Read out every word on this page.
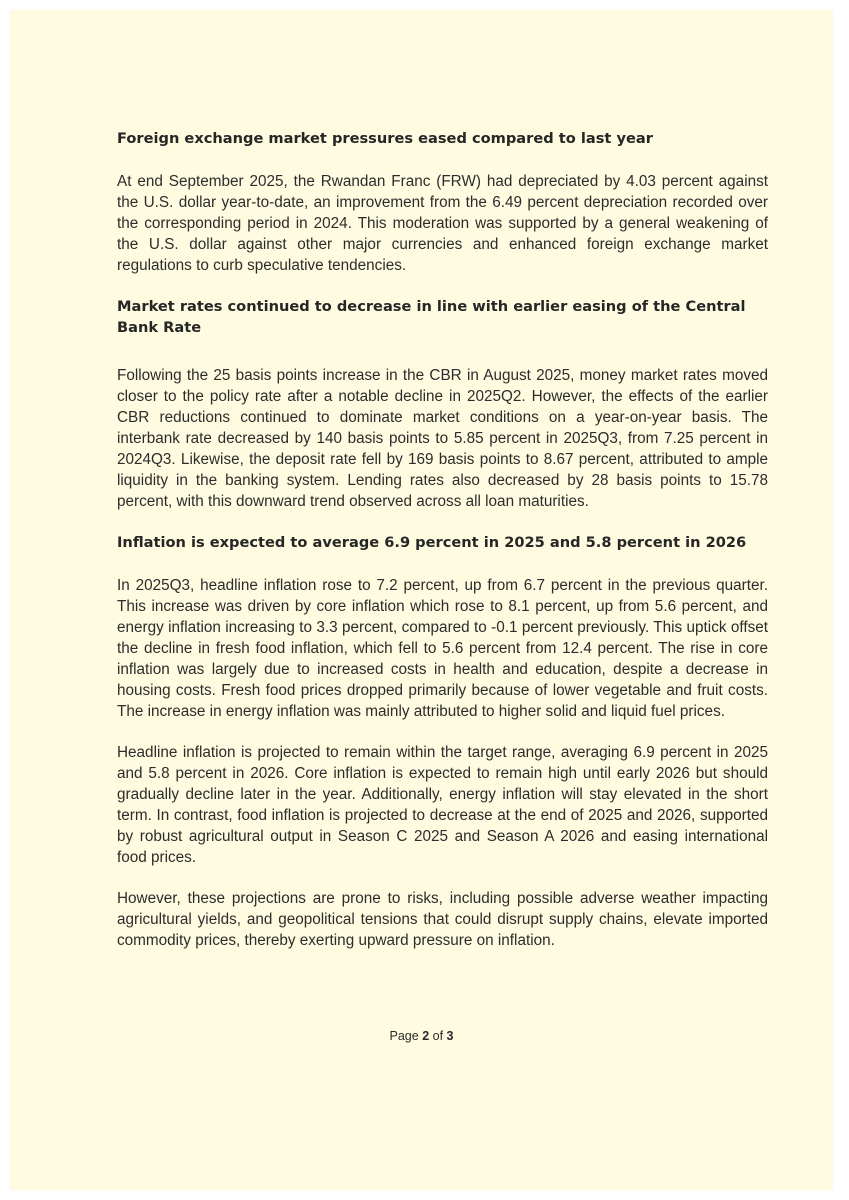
Foreign exchange market pressures eased compared to last year

At end September 2025, the Rwandan Franc (FRW) had depreciated by 4.03 percent against the U.S. dollar year-to-date, an improvement from the 6.49 percent depreciation recorded over the corresponding period in 2024. This moderation was supported by a general weakening of the U.S. dollar against other major currencies and enhanced foreign exchange market regulations to curb speculative tendencies.

Market rates continued to decrease in line with earlier easing of the Central Bank Rate

Following the 25 basis points increase in the CBR in August 2025, money market rates moved closer to the policy rate after a notable decline in 2025Q2. However, the effects of the earlier CBR reductions continued to dominate market conditions on a year-on-year basis. The interbank rate decreased by 140 basis points to 5.85 percent in 2025Q3, from 7.25 percent in 2024Q3. Likewise, the deposit rate fell by 169 basis points to 8.67 percent, attributed to ample liquidity in the banking system. Lending rates also decreased by 28 basis points to 15.78 percent, with this downward trend observed across all loan maturities.

Inflation is expected to average 6.9 percent in 2025 and 5.8 percent in 2026

In 2025Q3, headline inflation rose to 7.2 percent, up from 6.7 percent in the previous quarter. This increase was driven by core inflation which rose to 8.1 percent, up from 5.6 percent, and energy inflation increasing to 3.3 percent, compared to -0.1 percent previously. This uptick offset the decline in fresh food inflation, which fell to 5.6 percent from 12.4 percent. The rise in core inflation was largely due to increased costs in health and education, despite a decrease in housing costs. Fresh food prices dropped primarily because of lower vegetable and fruit costs. The increase in energy inflation was mainly attributed to higher solid and liquid fuel prices.

Headline inflation is projected to remain within the target range, averaging 6.9 percent in 2025 and 5.8 percent in 2026. Core inflation is expected to remain high until early 2026 but should gradually decline later in the year. Additionally, energy inflation will stay elevated in the short term. In contrast, food inflation is projected to decrease at the end of 2025 and 2026, supported by robust agricultural output in Season C 2025 and Season A 2026 and easing international food prices.

However, these projections are prone to risks, including possible adverse weather impacting agricultural yields, and geopolitical tensions that could disrupt supply chains, elevate imported commodity prices, thereby exerting upward pressure on inflation.

Page 2 of 3
